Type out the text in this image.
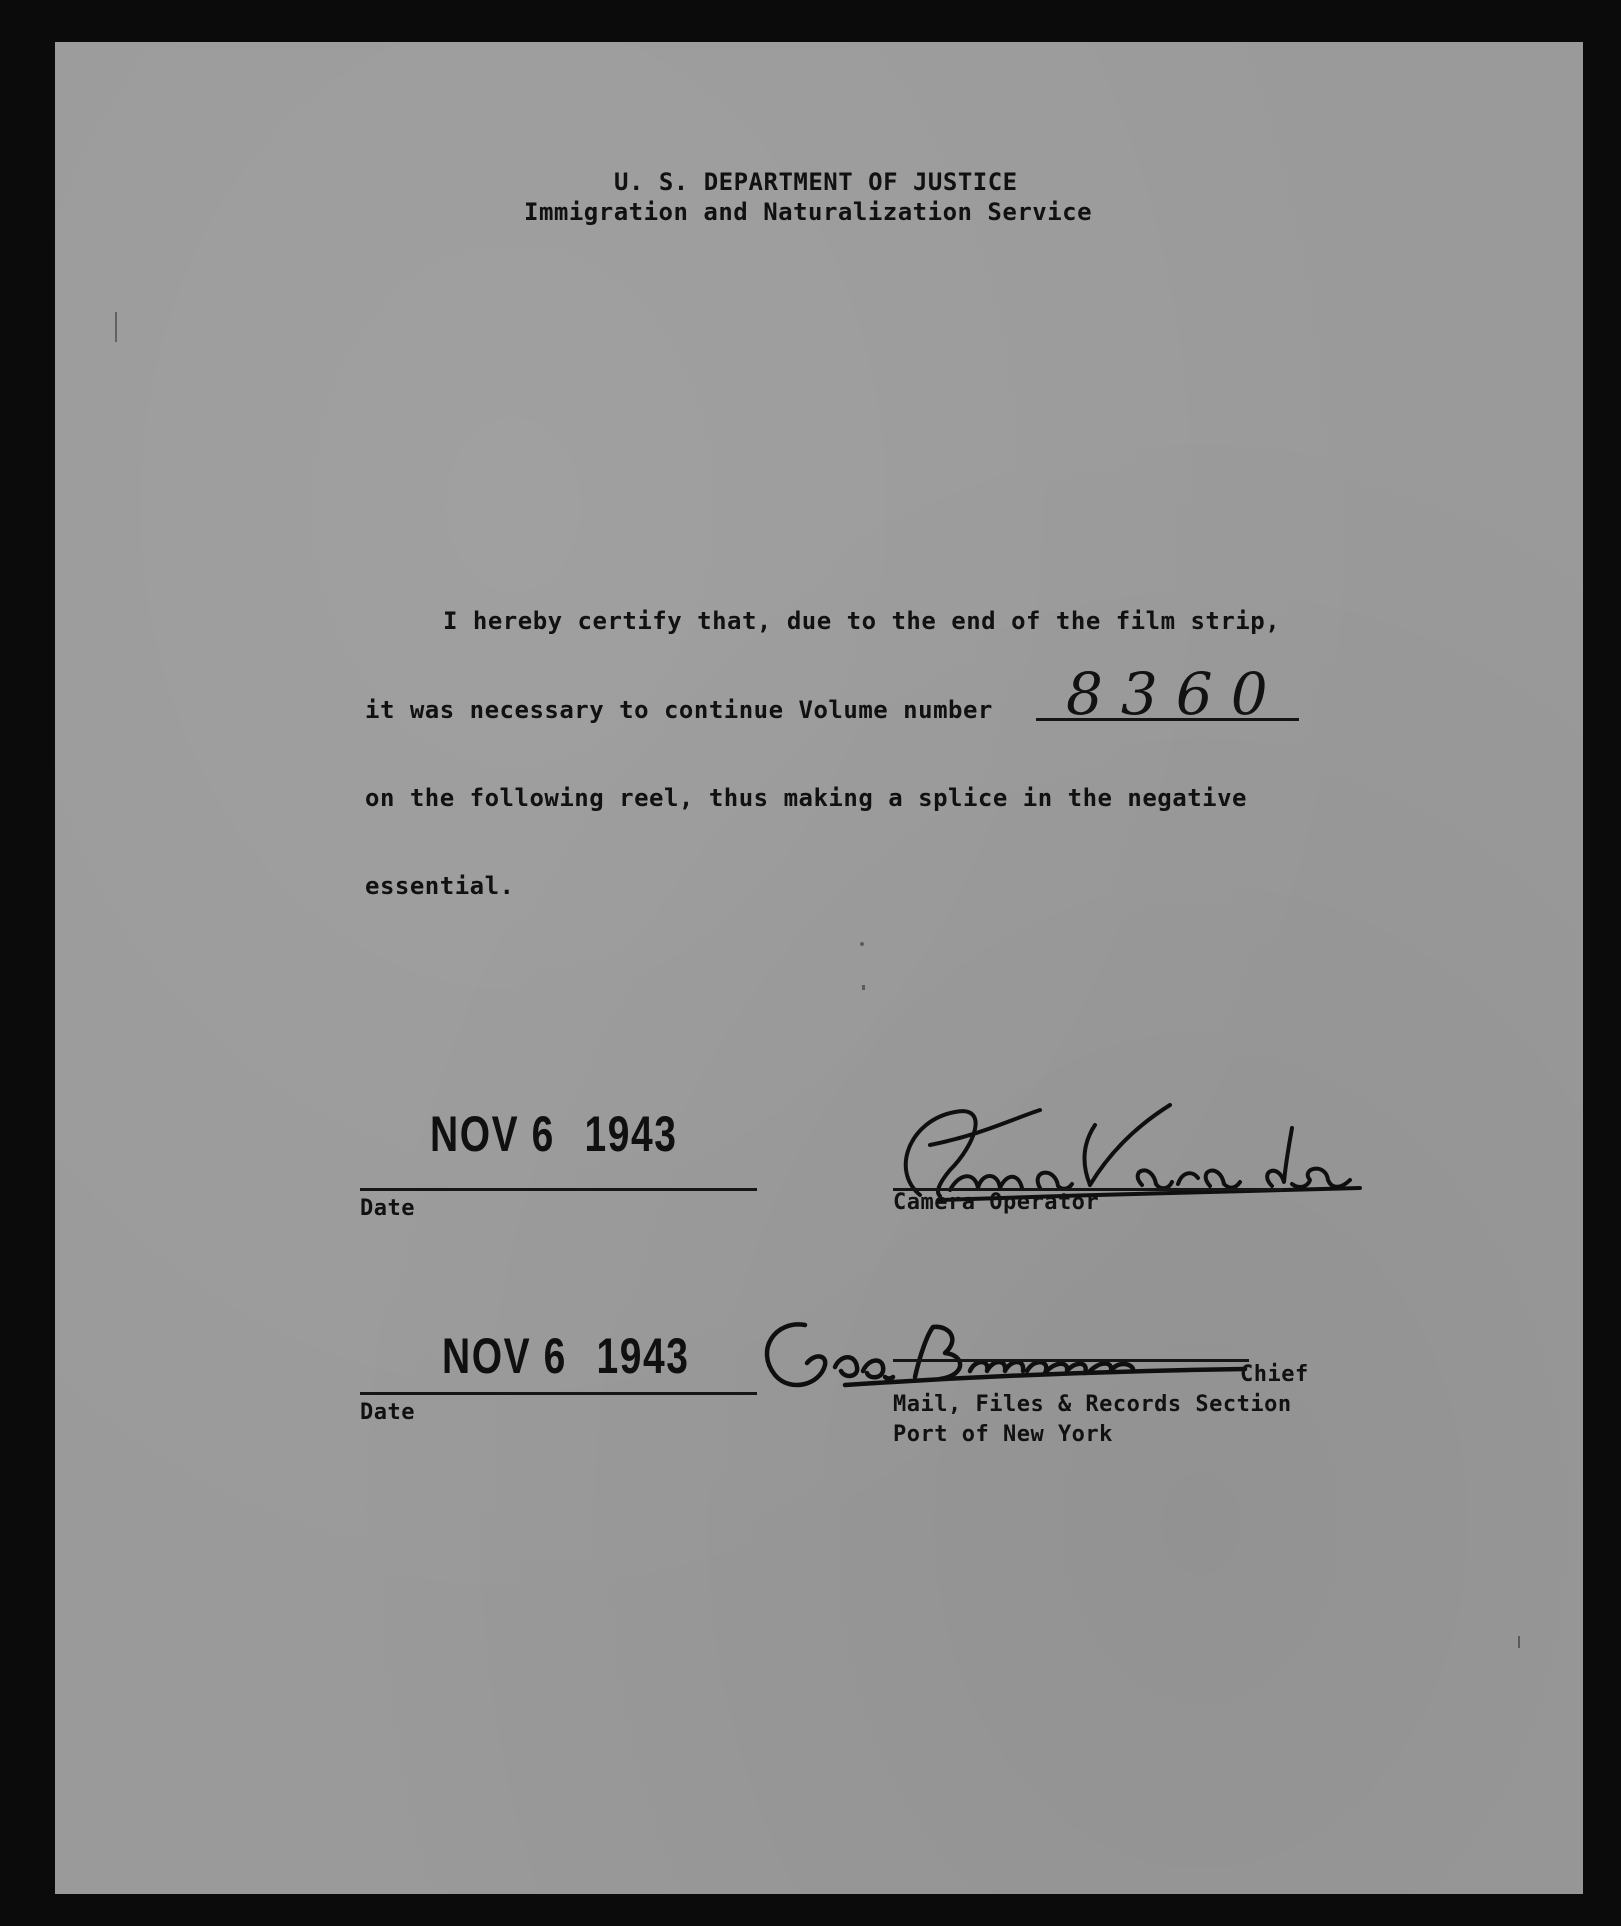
U. S. DEPARTMENT OF JUSTICE
Immigration and Naturalization Service
I hereby certify that, due to the end of the film strip,
it was necessary to continue Volume number 8360
on the following reel, thus making a splice in the negative
essential.
NOV 6 1943
Date	Camera Operator
NOV 6 1943
Date
Chief
Mail, Files & Records Section
Port of New York
